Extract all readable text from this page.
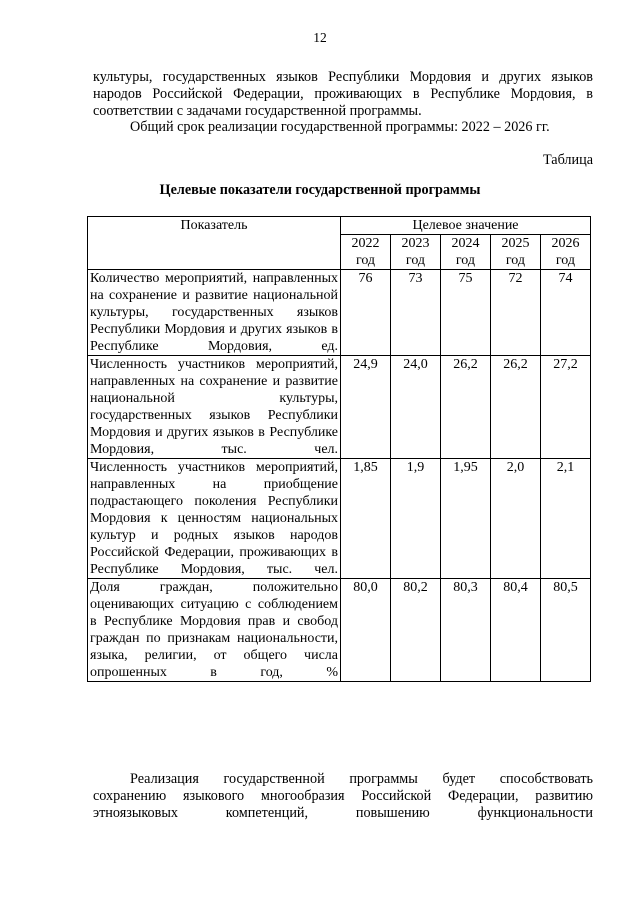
12
культуры, государственных языков Республики Мордовия и других языков
народов Российской Федерации, проживающих в Республике Мордовия, в
соответствии с задачами государственной программы.
Общий срок реализации государственной программы: 2022 – 2026 гг.
Таблица
Целевые показатели государственной программы
Показатель	Целевое значение				
	2022 год	2023 год	2024 год	2025 год	2026 год
Количество мероприятий, направленных на сохранение и развитие национальной культуры, государственных языков Республики Мордовия и других языков в Республике Мордовия, ед.	76	73	75	72	74
Численность участников мероприятий, направленных на сохранение и развитие национальной культуры, государственных языков Республики Мордовия и других языков в Республике Мордовия, тыс. чел.	24,9	24,0	26,2	26,2	27,2
Численность участников мероприятий, направленных на приобщение подрастающего поколения Республики Мордовия к ценностям национальных культур и родных языков народов Российской Федерации, проживающих в Республике Мордовия, тыс. чел.	1,85	1,9	1,95	2,0	2,1
Доля граждан, положительно оценивающих ситуацию с соблюдением в Республике Мордовия прав и свобод граждан по признакам национальности, языка, религии, от общего числа опрошенных в год, %	80,0	80,2	80,3	80,4	80,5
Реализация государственной программы будет способствовать
сохранению языкового многообразия Российской Федерации, развитию
этноязыковых компетенций, повышению функциональности
